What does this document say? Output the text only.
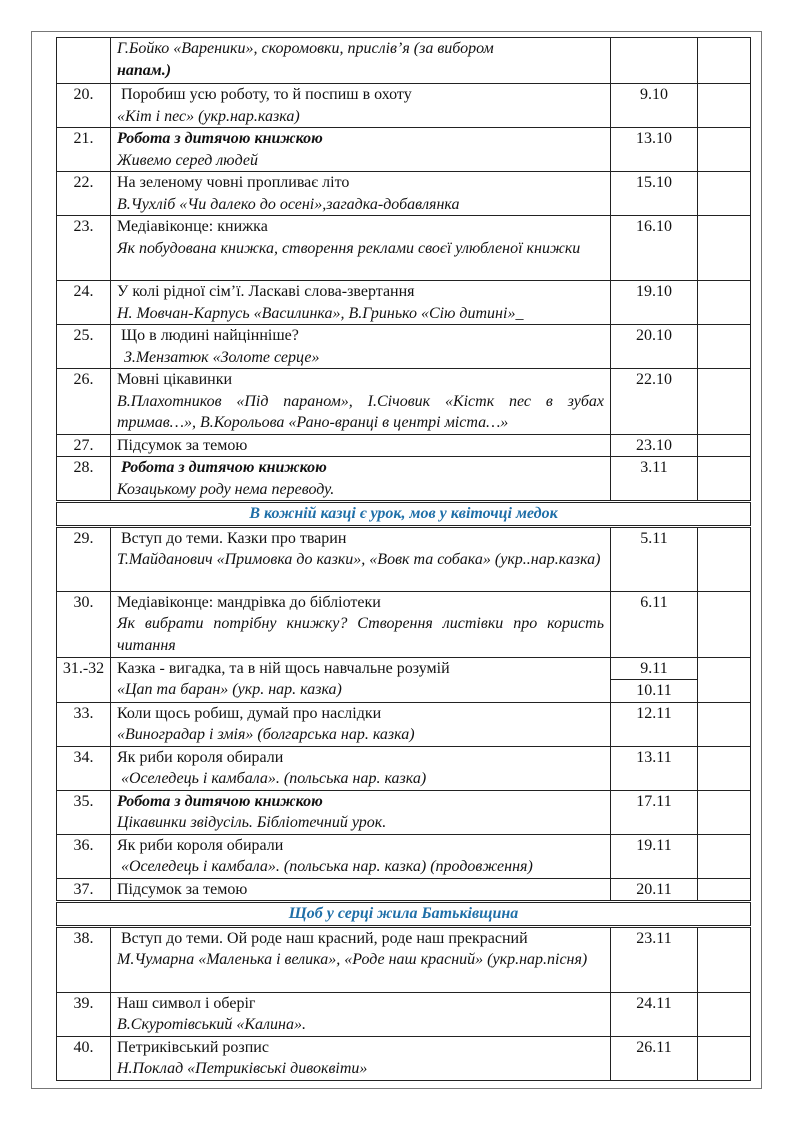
	Г.Бойко «Вареники», скоромовки, прислів’я (за вибором
напам.)		

20.	Поробиш усю роботу, то й поспиш в охоту
«Кіт і пес» (укр.нар.казка)	9.10	
21.	Робота з дитячою книжкою
Живемо серед людей	13.10	
22.	На зеленому човні пропливає літо
В.Чухліб «Чи далеко до осені»,загадка-добавлянка	15.10	
23.	Медіавіконце: книжка
Як побудована книжка, створення реклами своєї улюбленої книжки	16.10	
24.	У колі рідної сім’ї. Лаcкаві слова-звертання
Н. Мовчан-Карпусь «Василинка», В.Гринько «Сію дитині»_	19.10	
25.	Що в людині найцінніше?
З.Мензатюк «Золоте серце»	20.10	
26.	Мовні цікавинки
В.Плахотников «Під параном», І.Січовик «Кістк пес в зубах тримав…», В.Корольова «Рано-вранці в центрі міста…»	22.10	
27.	Підсумок за темою	23.10	
28.	Робота з дитячою книжкою
Козацькому роду нема переводу.	3.11	
В кожній казці є урок, мов у квіточці медок			
29.	Вступ до теми. Казки про тварин
Т.Майданович «Примовка до казки», «Вовк та собака» (укр..нар.казка)	5.11	
30.	Медіавіконце: мандрівка до бібліотеки
Як вибрати потрібну книжку? Створення листівки про користь читання	6.11	
31.-32	Казка - вигадка, та в ній щось навчальне розумій
«Цап та баран» (укр. нар. казка)	9.11
10.11	

33.	Коли щось робиш, думай про наслідки
«Виноградар і змія» (болгарська нар. казка)	12.11	
34.	Як риби короля обирали
«Оселедець і камбала». (польська нар. казка)	13.11	
35.	Робота з дитячою книжкою
Цікавинки звідусіль. Бібліотечний урок.	17.11	
36.	Як риби короля обирали
«Оселедець і камбала». (польська нар. казка) (продовження)	19.11	
37.	Підсумок за темою	20.11	
Щоб у серці жила Батьківщина			
38.	Вступ до теми. Ой роде наш красний, роде наш прекрасний
М.Чумарна «Маленька і велика», «Роде наш красний» (укр.нар.пісня)	23.11	
39.	Наш символ і оберіг
В.Скуротівський «Калина».	24.11	
40.	Петриківський розпис
Н.Поклад «Петриківські дивоквіти»	26.11	
